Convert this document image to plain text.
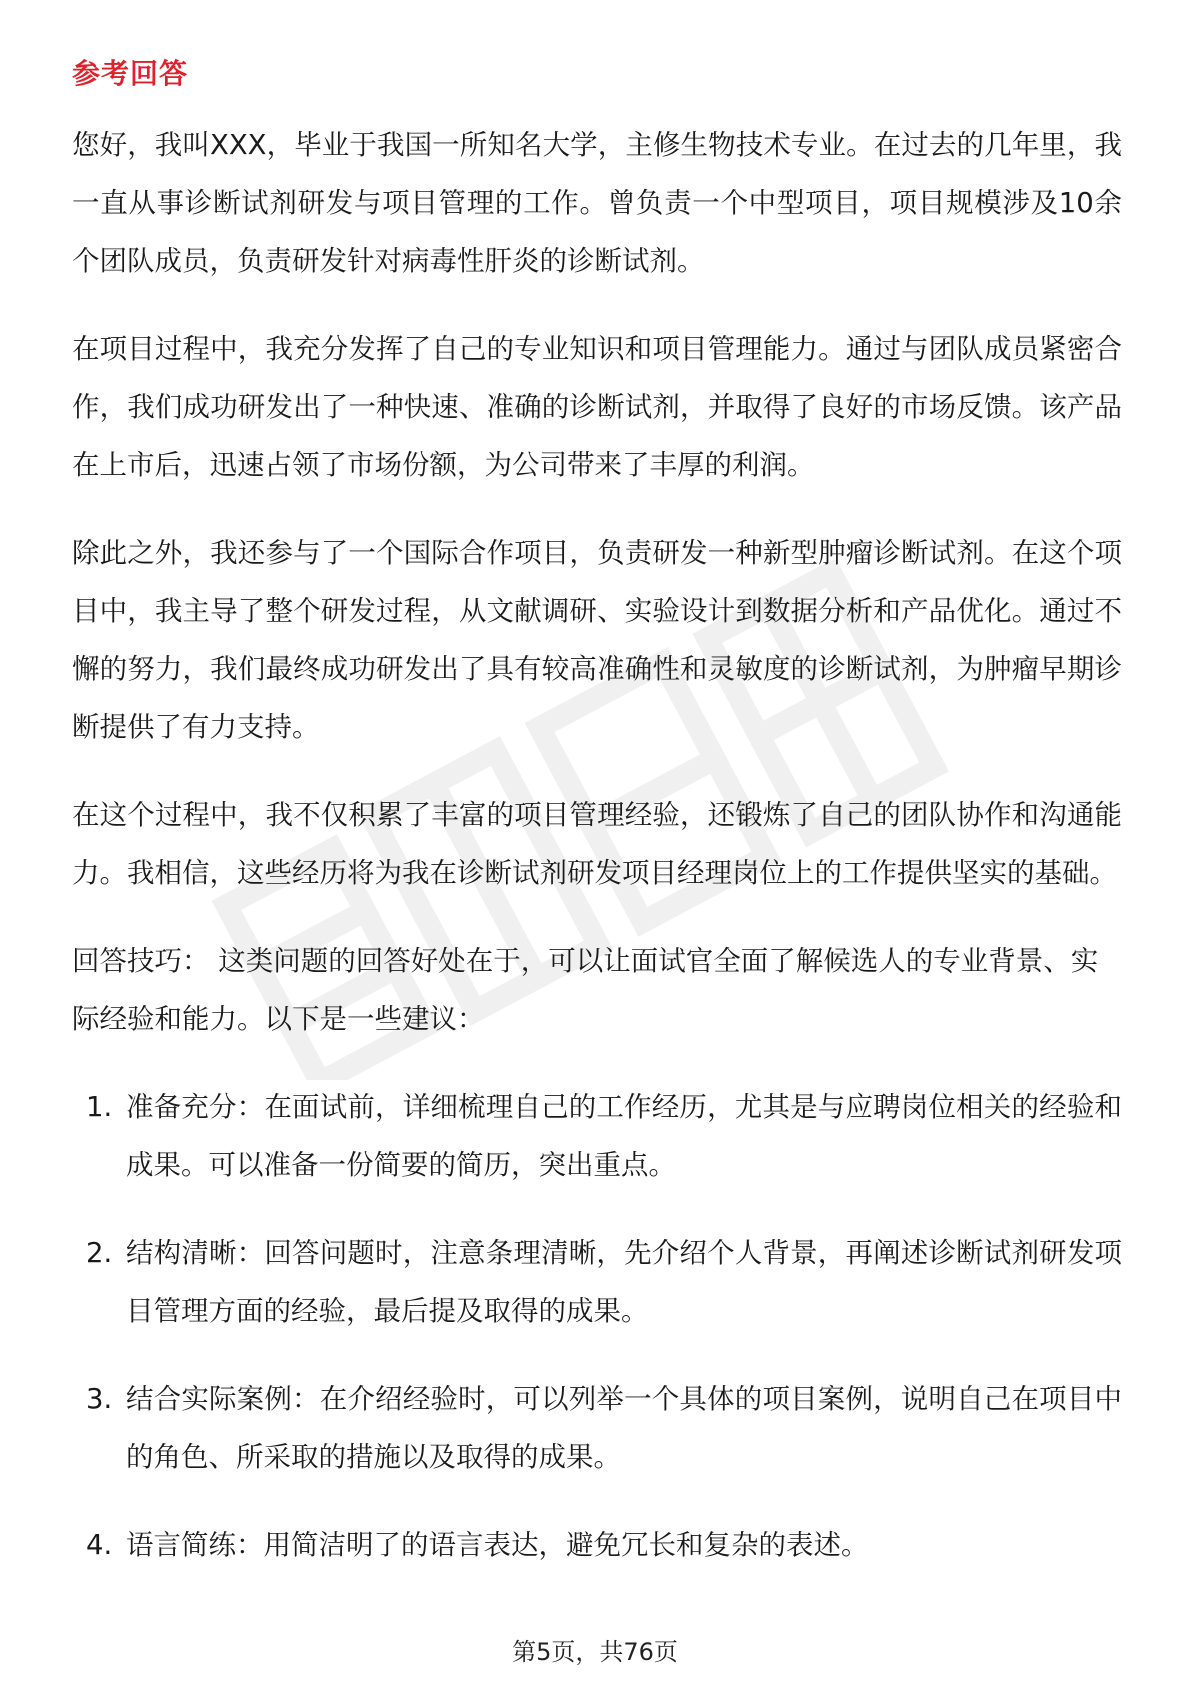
参考回答

您好，我叫XXX，毕业于我国一所知名大学，主修生物技术专业。在过去的几年里，我一直从事诊断试剂研发与项目管理的工作。曾负责一个中型项目，项目规模涉及10余个团队成员，负责研发针对病毒性肝炎的诊断试剂。

在项目过程中，我充分发挥了自己的专业知识和项目管理能力。通过与团队成员紧密合作，我们成功研发出了一种快速、准确的诊断试剂，并取得了良好的市场反馈。该产品在上市后，迅速占领了市场份额，为公司带来了丰厚的利润。

除此之外，我还参与了一个国际合作项目，负责研发一种新型肿瘤诊断试剂。在这个项目中，我主导了整个研发过程，从文献调研、实验设计到数据分析和产品优化。通过不懈的努力，我们最终成功研发出了具有较高准确性和灵敏度的诊断试剂，为肿瘤早期诊断提供了有力支持。

在这个过程中，我不仅积累了丰富的项目管理经验，还锻炼了自己的团队协作和沟通能力。我相信，这些经历将为我在诊断试剂研发项目经理岗位上的工作提供坚实的基础。

回答技巧： 这类问题的回答好处在于，可以让面试官全面了解候选人的专业背景、实际经验和能力。以下是一些建议：

1. 准备充分：在面试前，详细梳理自己的工作经历，尤其是与应聘岗位相关的经验和成果。可以准备一份简要的简历，突出重点。
2. 结构清晰：回答问题时，注意条理清晰，先介绍个人背景，再阐述诊断试剂研发项目管理方面的经验，最后提及取得的成果。
3. 结合实际案例：在介绍经验时，可以列举一个具体的项目案例，说明自己在项目中的角色、所采取的措施以及取得的成果。
4. 语言简练：用简洁明了的语言表达，避免冗长和复杂的表述。
第5页，共76页
